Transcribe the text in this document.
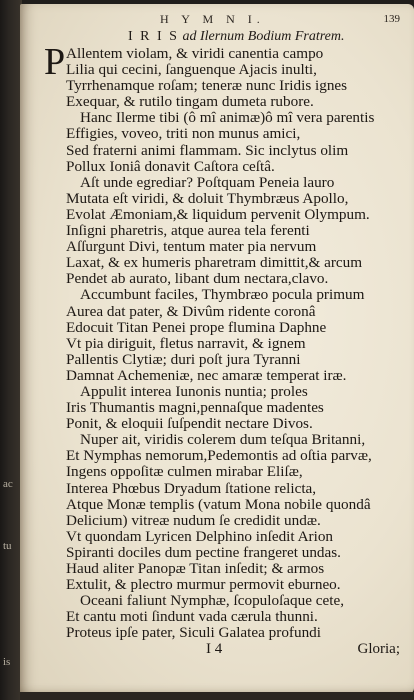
ac
tu
is
H Y M N I.	139
I R I S ad Ilernum Bodium Fratrem.
P Allentem violam, & viridi canentia campo
Lilia qui cecini, ſanguenque Ajacis inulti,
Tyrrhenamque roſam; teneræ nunc Iridis ignes
Exequar, & rutilo tingam dumeta rubore.
Hanc Ilerme tibi (ô mî animæ)ô mî vera parentis
Effigies, voveo, triti non munus amici,
Sed fraterni animi flammam. Sic inclytus olim
Pollux Ioniâ donavit Caſtora ceſtâ.
Aſt unde egrediar? Poſtquam Peneia lauro
Mutata eſt viridi, & doluit Thymbræus Apollo,
Evolat Æmoniam,& liquidum pervenit Olympum.
Inſigni pharetris, atque aurea tela ferenti
Aſſurgunt Divi, tentum mater pia nervum
Laxat, & ex humeris pharetram dimittit,& arcum
Pendet ab aurato, libant dum nectara,clavo.
Accumbunt faciles, Thymbræo pocula primum
Aurea dat pater, & Divûm ridente coronâ
Edocuit Titan Penei prope flumina Daphne
Vt pia diriguit, fletus narravit, & ignem
Pallentis Clytiæ; duri poſt jura Tyranni
Damnat Achemeniæ, nec amaræ temperat iræ.
Appulit interea Iunonis nuntia; proles
Iris Thumantis magni,pennaſque madentes
Ponit, & eloquii ſuſpendit nectare Divos.
Nuper ait, viridis colerem dum teſqua Britanni,
Et Nymphas nemorum,Pedemontis ad oſtia parvæ,
Ingens oppoſitæ culmen mirabar Eliſæ,
Interea Phœbus Dryadum ſtatione relicta,
Atque Monæ templis (vatum Mona nobile quondâ
Delicium) vitreæ nudum ſe credidit undæ.
Vt quondam Lyricen Delphino inſedit Arion
Spiranti dociles dum pectine frangeret undas.
Haud aliter Panopæ Titan inſedit; & armos
Extulit, & plectro murmur permovit eburneo.
Oceani faliunt Nymphæ, ſcopuloſaque cete,
Et cantu moti ſindunt vada cærula thunni.
Proteus ipſe pater, Siculi Galatea profundi
I 4	Gloria;
